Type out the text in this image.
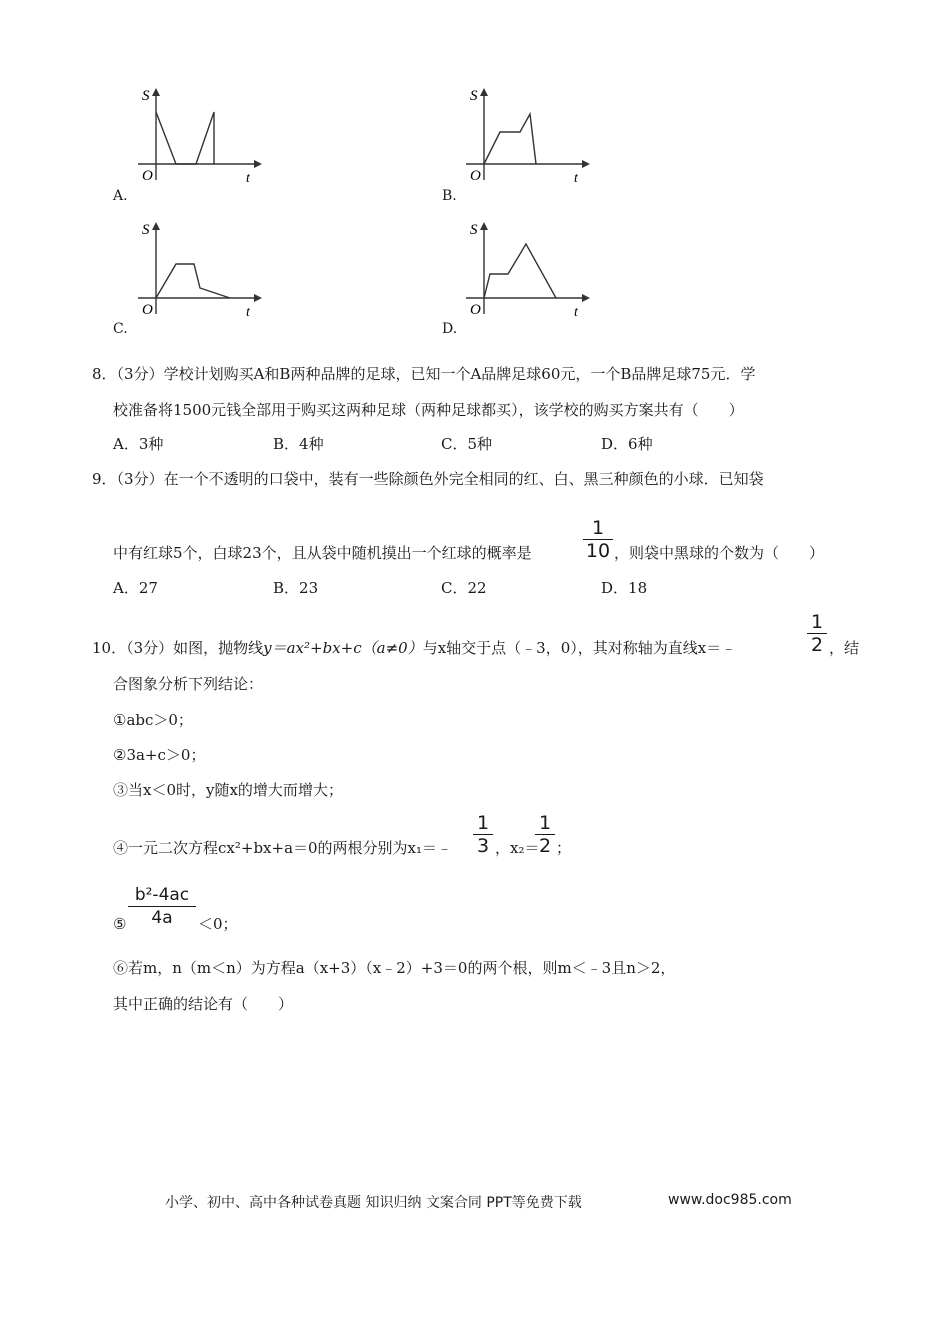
S
O	t
A.
S
O	t
B.
S
O	t
C.
S
O	t
D.
8．（3分）学校计划购买A和B两种品牌的足球，已知一个A品牌足球60元，一个B品牌足球75元．学
校准备将1500元钱全部用于购买这两种足球（两种足球都买），该学校的购买方案共有（　　）
A．3种	B．4种	C．5种	D．6种
9．（3分）在一个不透明的口袋中，装有一些除颜色外完全相同的红、白、黑三种颜色的小球．已知袋
中有红球5个，白球23个，且从袋中随机摸出一个红球的概率是
1
10 ，则袋中黑球的个数为（　　）
A．27	B．23	C．22	D．18
10．（3分）如图，抛物线y＝ax²+bx+c（a≠0）与x轴交于点（﹣3，0），其对称轴为直线x＝﹣
1
2 ，结
合图象分析下列结论：
①abc＞0；
②3a+c＞0；
③当x＜0时，y随x的增大而增大；
④一元二次方程cx²+bx+a＝0的两根分别为x₁＝﹣
1
3 ，x₂＝
1
2 ；
⑤
b²-4ac
4a	＜0；
⑥若m，n（m＜n）为方程a（x+3）（x﹣2）+3＝0的两个根，则m＜﹣3且n＞2，
其中正确的结论有（　　）
小学、初中、高中各种试卷真题 知识归纳 文案合同 PPT等免费下载	www.doc985.com
